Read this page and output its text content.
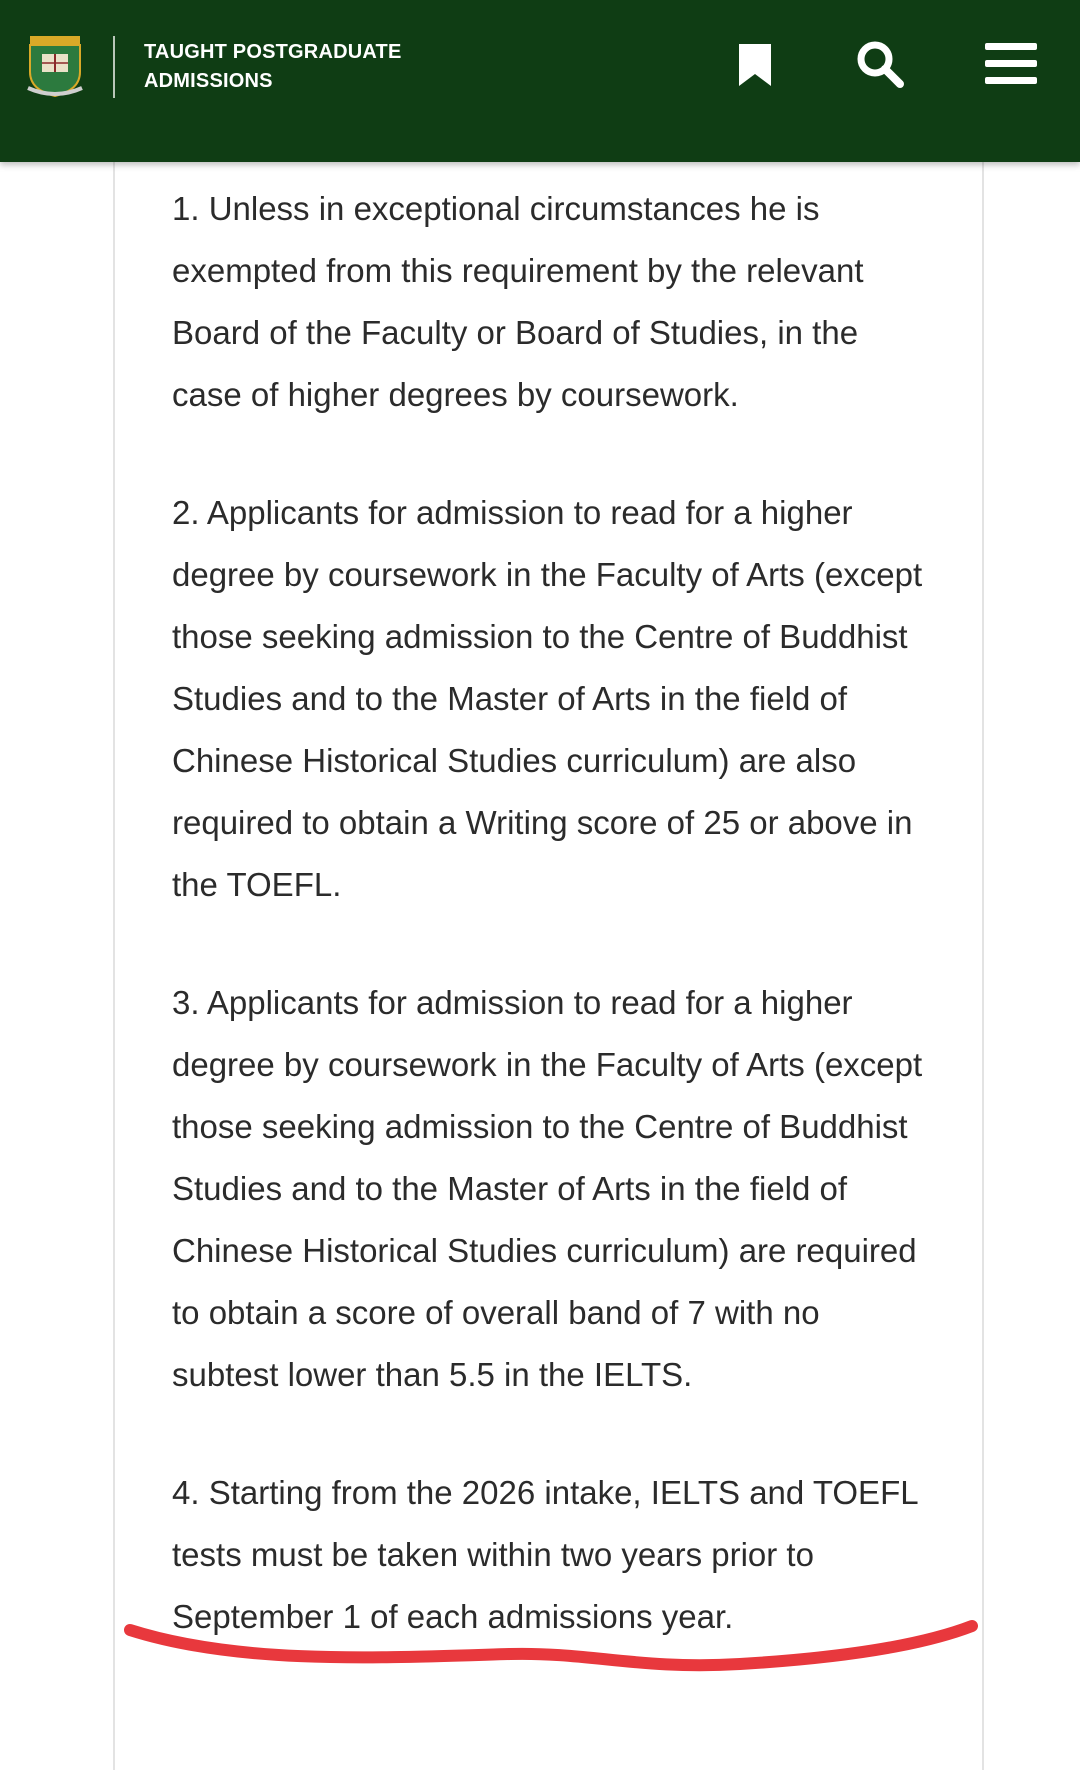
TAUGHT POSTGRADUATE
ADMISSIONS

1. Unless in exceptional circumstances he is exempted from this requirement by the relevant Board of the Faculty or Board of Studies, in the case of higher degrees by coursework.

2. Applicants for admission to read for a higher degree by coursework in the Faculty of Arts (except those seeking admission to the Centre of Buddhist Studies and to the Master of Arts in the field of Chinese Historical Studies curriculum) are also required to obtain a Writing score of 25 or above in the TOEFL.

3. Applicants for admission to read for a higher degree by coursework in the Faculty of Arts (except those seeking admission to the Centre of Buddhist Studies and to the Master of Arts in the field of Chinese Historical Studies curriculum) are required to obtain a score of overall band of 7 with no subtest lower than 5.5 in the IELTS.

4. Starting from the 2026 intake, IELTS and TOEFL tests must be taken within two years prior to September 1 of each admissions year.
